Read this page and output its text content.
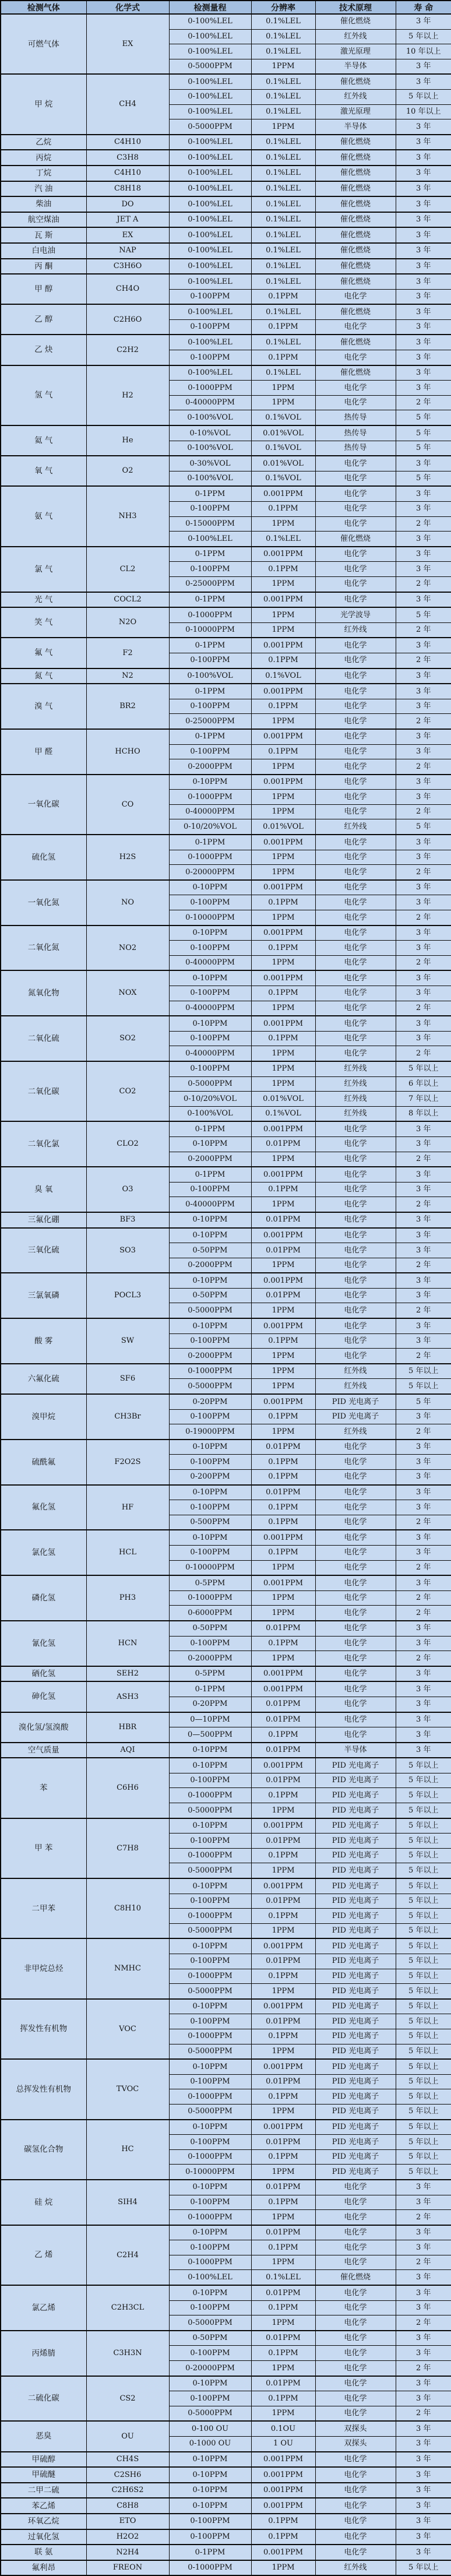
检测气体	化学式	检测量程	分辨率	技术原理	寿 命
可燃气体	EX	0-100%LEL	0.1%LEL	催化燃烧	3 年
		0-100%LEL	0.1%LEL	红外线	5 年以上
		0-100%LEL	0.1%LEL	激光原理	10 年以上
		0-5000PPM	1PPM	半导体	3 年
甲 烷	CH4	0-100%LEL	0.1%LEL	催化燃烧	3 年
		0-100%LEL	0.1%LEL	红外线	5 年以上
		0-100%LEL	0.1%LEL	激光原理	10 年以上
		0-5000PPM	1PPM	半导体	3 年
乙烷	C4H10	0-100%LEL	0.1%LEL	催化燃烧	3 年
丙烷	C3H8	0-100%LEL	0.1%LEL	催化燃烧	3 年
丁烷	C4H10	0-100%LEL	0.1%LEL	催化燃烧	3 年
汽 油	C8H18	0-100%LEL	0.1%LEL	催化燃烧	3 年
柴油	DO	0-100%LEL	0.1%LEL	催化燃烧	3 年
航空煤油	JET A	0-100%LEL	0.1%LEL	催化燃烧	3 年
瓦 斯	EX	0-100%LEL	0.1%LEL	催化燃烧	3 年
白电油	NAP	0-100%LEL	0.1%LEL	催化燃烧	3 年
丙 酮	C3H6O	0-100%LEL	0.1%LEL	催化燃烧	3 年
甲 醇	CH4O	0-100%LEL	0.1%LEL	催化燃烧	3 年
		0-100PPM	0.1PPM	电化学	3 年
乙 醇	C2H6O	0-100%LEL	0.1%LEL	催化燃烧	3 年
		0-100PPM	0.1PPM	电化学	3 年
乙 炔	C2H2	0-100%LEL	0.1%LEL	催化燃烧	3 年
		0-100PPM	0.1PPM	电化学	3 年
氢 气	H2	0-100%LEL	0.1%LEL	催化燃烧	3 年
		0-1000PPM	1PPM	电化学	3 年
		0-40000PPM	1PPM	电化学	2 年
		0-100%VOL	0.1%VOL	热传导	5 年
氦 气	He	0-10%VOL	0.01%VOL	热传导	5 年
		0-100%VOL	0.1%VOL	热传导	5 年
氧 气	O2	0-30%VOL	0.01%VOL	电化学	3 年
		0-100%VOL	0.1%VOL	电化学	5 年
氨 气	NH3	0-1PPM	0.001PPM	电化学	3 年
		0-100PPM	0.1PPM	电化学	3 年
		0-15000PPM	1PPM	电化学	2 年
		0-100%LEL	0.1%LEL	催化燃烧	3 年
氯 气	CL2	0-1PPM	0.001PPM	电化学	3 年
		0-100PPM	0.1PPM	电化学	3 年
		0-25000PPM	1PPM	电化学	2 年
光 气	COCL2	0-1PPM	0.001PPM	电化学	3 年
笑 气	N2O	0-1000PPM	1PPM	光学波导	5 年
		0-10000PPM	1PPM	红外线	2 年
氟 气	F2	0-1PPM	0.001PPM	电化学	3 年
		0-100PPM	0.1PPM	电化学	2 年
氮 气	N2	0-100%VOL	0.1%VOL	电化学	3 年
溴 气	BR2	0-1PPM	0.001PPM	电化学	3 年
		0-100PPM	0.1PPM	电化学	3 年
		0-25000PPM	1PPM	电化学	2 年
甲 醛	HCHO	0-1PPM	0.001PPM	电化学	3 年
		0-100PPM	0.1PPM	电化学	3 年
		0-2000PPM	1PPM	电化学	2 年
一氧化碳	CO	0-10PPM	0.001PPM	电化学	3 年
		0-1000PPM	1PPM	电化学	3 年
		0-40000PPM	1PPM	电化学	2 年
		0-10/20%VOL	0.01%VOL	红外线	5 年
硫化氢	H2S	0-1PPM	0.001PPM	电化学	3 年
		0-1000PPM	1PPM	电化学	3 年
		0-20000PPM	1PPM	电化学	2 年
一氧化氮	NO	0-10PPM	0.001PPM	电化学	3 年
		0-100PPM	0.1PPM	电化学	3 年
		0-10000PPM	1PPM	电化学	2 年
二氧化氮	NO2	0-10PPM	0.001PPM	电化学	3 年
		0-100PPM	0.1PPM	电化学	3 年
		0-40000PPM	1PPM	电化学	2 年
氮氧化物	NOX	0-10PPM	0.001PPM	电化学	3 年
		0-100PPM	0.1PPM	电化学	3 年
		0-40000PPM	1PPM	电化学	2 年
二氧化硫	SO2	0-10PPM	0.001PPM	电化学	3 年
		0-100PPM	0.1PPM	电化学	3 年
		0-40000PPM	1PPM	电化学	2 年
二氧化碳	CO2	0-100PPM	1PPM	红外线	5 年以上
		0-5000PPM	1PPM	红外线	6 年以上
		0-10/20%VOL	0.01%VOL	红外线	7 年以上
		0-100%VOL	0.1%VOL	红外线	8 年以上
二氧化氯	CLO2	0-1PPM	0.001PPM	电化学	3 年
		0-10PPM	0.01PPM	电化学	3 年
		0-2000PPM	1PPM	电化学	2 年
臭 氧	O3	0-1PPM	0.001PPM	电化学	3 年
		0-100PPM	0.1PPM	电化学	3 年
		0-40000PPM	1PPM	电化学	2 年
三氟化硼	BF3	0-10PPM	0.01PPM	电化学	3 年
三氧化硫	SO3	0-10PPM	0.001PPM	电化学	3 年
		0-50PPM	0.01PPM	电化学	3 年
		0-2000PPM	1PPM	电化学	2 年
三氯氧磷	POCL3	0-10PPM	0.001PPM	电化学	3 年
		0-50PPM	0.01PPM	电化学	3 年
		0-5000PPM	1PPM	电化学	2 年
酸 雾	SW	0-10PPM	0.001PPM	电化学	3 年
		0-100PPM	0.1PPM	电化学	3 年
		0-2000PPM	1PPM	电化学	2 年
六氟化硫	SF6	0-1000PPM	1PPM	红外线	5 年以上
		0-5000PPM	1PPM	红外线	5 年以上
溴甲烷	CH3Br	0-20PPM	0.001PPM	PID 光电离子	5 年
		0-100PPM	0.1PPM	PID 光电离子	3 年
		0-19000PPM	1PPM	红外线	2 年
硫酰氟	F2O2S	0-10PPM	0.01PPM	电化学	3 年
		0-100PPM	0.1PPM	电化学	3 年
		0-200PPM	0.1PPM	电化学	3 年
氟化氢	HF	0-10PPM	0.01PPM	电化学	3 年
		0-100PPM	0.1PPM	电化学	3 年
		0-500PPM	0.1PPM	电化学	2 年
氯化氢	HCL	0-10PPM	0.001PPM	电化学	3 年
		0-100PPM	0.1PPM	电化学	3 年
		0-10000PPM	1PPM	电化学	2 年
磷化氢	PH3	0-5PPM	0.001PPM	电化学	3 年
		0-1000PPM	1PPM	电化学	2 年
		0-6000PPM	1PPM	电化学	2 年
氰化氢	HCN	0-50PPM	0.01PPM	电化学	3 年
		0-100PPM	0.1PPM	电化学	3 年
		0-2000PPM	1PPM	电化学	2 年
硒化氢	SEH2	0-5PPM	0.001PPM	电化学	3 年
砷化氢	ASH3	0-1PPM	0.001PPM	电化学	3 年
		0-20PPM	0.01PPM	电化学	3 年
溴化氢/氢溴酸	HBR	0—10PPM	0.01PPM	电化学	3 年
		0—500PPM	0.1PPM	电化学	3 年
空气质量	AQI	0-10PPM	0.01PPM	半导体	3 年
苯	C6H6	0-10PPM	0.001PPM	PID 光电离子	5 年以上
		0-100PPM	0.01PPM	PID 光电离子	5 年以上
		0-1000PPM	0.1PPM	PID 光电离子	5 年以上
		0-5000PPM	1PPM	PID 光电离子	5 年以上
甲 苯	C7H8	0-10PPM	0.001PPM	PID 光电离子	5 年以上
		0-100PPM	0.01PPM	PID 光电离子	5 年以上
		0-1000PPM	0.1PPM	PID 光电离子	5 年以上
		0-5000PPM	1PPM	PID 光电离子	5 年以上
二甲苯	C8H10	0-10PPM	0.001PPM	PID 光电离子	5 年以上
		0-100PPM	0.01PPM	PID 光电离子	5 年以上
		0-1000PPM	0.1PPM	PID 光电离子	5 年以上
		0-5000PPM	1PPM	PID 光电离子	5 年以上
非甲烷总烃	NMHC	0-10PPM	0.001PPM	PID 光电离子	5 年以上
		0-100PPM	0.01PPM	PID 光电离子	5 年以上
		0-1000PPM	0.1PPM	PID 光电离子	5 年以上
		0-5000PPM	1PPM	PID 光电离子	5 年以上
挥发性有机物	VOC	0-10PPM	0.001PPM	PID 光电离子	5 年以上
		0-100PPM	0.01PPM	PID 光电离子	5 年以上
		0-1000PPM	0.1PPM	PID 光电离子	5 年以上
		0-5000PPM	1PPM	PID 光电离子	5 年以上
总挥发性有机物	TVOC	0-10PPM	0.001PPM	PID 光电离子	5 年以上
		0-100PPM	0.01PPM	PID 光电离子	5 年以上
		0-1000PPM	0.1PPM	PID 光电离子	5 年以上
		0-5000PPM	1PPM	PID 光电离子	5 年以上
碳氢化合物	HC	0-10PPM	0.001PPM	PID 光电离子	5 年以上
		0-100PPM	0.01PPM	PID 光电离子	5 年以上
		0-1000PPM	0.1PPM	PID 光电离子	5 年以上
		0-10000PPM	1PPM	PID 光电离子	5 年以上
硅 烷	SIH4	0-10PPM	0.01PPM	电化学	3 年
		0-100PPM	0.1PPM	电化学	3 年
		0-1000PPM	1PPM	电化学	2 年
乙 烯	C2H4	0-10PPM	0.01PPM	电化学	3 年
		0-100PPM	0.1PPM	电化学	3 年
		0-1000PPM	1PPM	电化学	2 年
		0-100%LEL	0.1%LEL	催化燃烧	3 年
氯乙烯	C2H3CL	0-10PPM	0.01PPM	电化学	3 年
		0-100PPM	0.1PPM	电化学	3 年
		0-5000PPM	1PPM	电化学	2 年
丙烯腈	C3H3N	0-50PPM	0.01PPM	电化学	3 年
		0-100PPM	0.1PPM	电化学	3 年
		0-20000PPM	1PPM	电化学	2 年
二硫化碳	CS2	0-10PPM	0.01PPM	电化学	3 年
		0-100PPM	0.1PPM	电化学	3 年
		0-5000PPM	1PPM	电化学	2 年
恶臭	OU	0-100 OU	0.1OU	双探头	3 年
		0-1000 OU	1 OU	双探头	3 年
甲硫醇	CH4S	0-10PPM	0.001PPM	电化学	3 年
甲硫醚	C2SH6	0-10PPM	0.001PPM	电化学	3 年
二甲二硫	C2H6S2	0-10PPM	0.001PPM	电化学	3 年
苯乙烯	C8H8	0-10PPM	0.001PPM	电化学	3 年
环氧乙烷	ETO	0-100PPM	0.1PPM	电化学	3 年
过氧化氢	H2O2	0-100PPM	0.1PPM	电化学	3 年
联 氨	N2H4	0-1PPM	0.001PPM	电化学	3 年
氟利昂	FREON	0-1000PPM	1PPM	红外线	5 年以上
